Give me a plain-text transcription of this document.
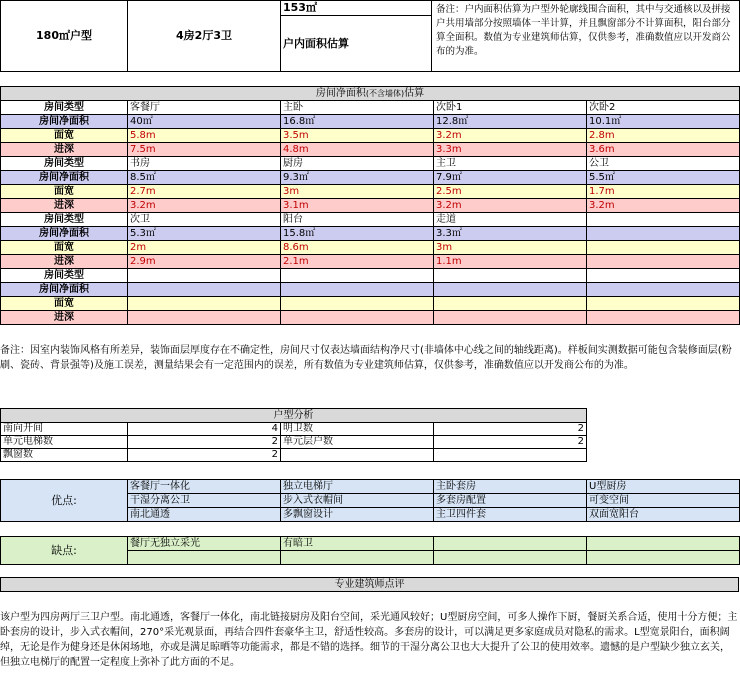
180㎡户型	4房2厅3卫	153㎡	备注：户内面积估算为户型外轮廓线围合面积，其中与交通核以及拼接户共用墙部分按照墙体一半计算，并且飘窗部分不计算面积，阳台部分算全面积。数值为专业建筑师估算，仅供参考，准确数值应以开发商公布的为准。
户内面积估算
房间净面积(不含墙体)估算				
房间类型	客餐厅	主卧	次卧1	次卧2
房间净面积	40㎡	16.8㎡	12.8㎡	10.1㎡
面宽	5.8m	3.5m	3.2m	2.8m
进深	7.5m	4.8m	3.3m	3.6m
房间类型	书房	厨房	主卫	公卫
房间净面积	8.5㎡	9.3㎡	7.9㎡	5.5㎡
面宽	2.7m	3m	2.5m	1.7m
进深	3.2m	3.1m	3.2m	3.2m
房间类型	次卫	阳台	走道	
房间净面积	5.3㎡	15.8㎡	3.3㎡	
面宽	2m	8.6m	3m	
进深	2.9m	2.1m	1.1m	
房间类型				
房间净面积				
面宽				
进深				
备注：因室内装饰风格有所差异，装饰面层厚度存在不确定性，房间尺寸仅表达墙面结构净尺寸(非墙体中心线之间的轴线距离)。样板间实测数据可能包含装修面层(粉刷、瓷砖、背景强等)及施工误差，测量结果会有一定范围内的误差，所有数值为专业建筑师估算，仅供参考，准确数值应以开发商公布的为准。
户型分析			
南向开间	4	明卫数	2
单元电梯数	2	单元层户数	2
飘窗数	2		
优点:	客餐厅一体化	独立电梯厅	主卧套房	U型厨房
	干湿分离公卫	步入式衣帽间	多套房配置	可变空间
	南北通透	多飘窗设计	主卫四件套	双面宽阳台
缺点:	餐厅无独立采光	有暗卫		

专业建筑师点评
该户型为四房两厅三卫户型。南北通透，客餐厅一体化，南北链接厨房及阳台空间，采光通风较好；U型厨房空间，可多人操作下厨，餐厨关系合适，使用十分方便；主卧套房的设计，步入式衣帽间，270°采光观景面，再结合四件套豪华主卫，舒适性较高。多套房的设计，可以满足更多家庭成员对隐私的需求。L型宽景阳台，面积阔绰，无论是作为健身还是休闲场地，亦或是满足晾晒等功能需求，都是不错的选择。细节的干湿分离公卫也大大提升了公卫的使用效率。遗憾的是户型缺少独立玄关，但独立电梯厅的配置一定程度上弥补了此方面的不足。
